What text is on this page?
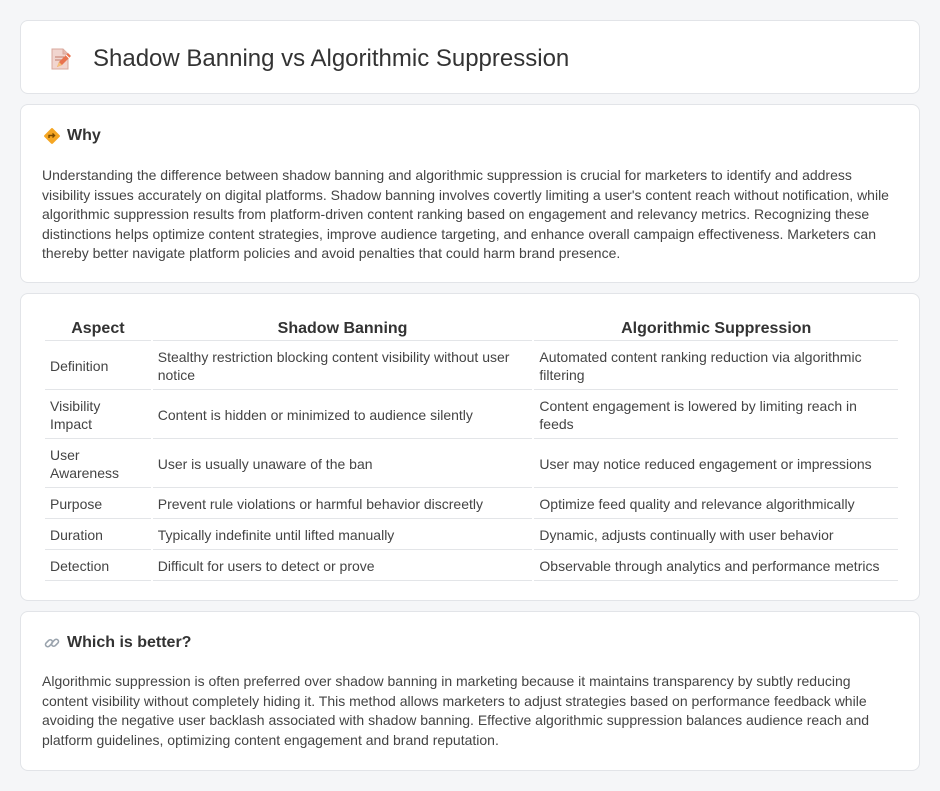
Shadow Banning vs Algorithmic Suppression
Why

Understanding the difference between shadow banning and algorithmic suppression is crucial for marketers to identify and address visibility issues accurately on digital platforms. Shadow banning involves covertly limiting a user's content reach without notification, while algorithmic suppression results from platform-driven content ranking based on engagement and relevancy metrics. Recognizing these distinctions helps optimize content strategies, improve audience targeting, and enhance overall campaign effectiveness. Marketers can thereby better navigate platform policies and avoid penalties that could harm brand presence.

Aspect	Shadow Banning	Algorithmic Suppression
Definition	Stealthy restriction blocking content visibility without user notice	Automated content ranking reduction via algorithmic filtering
Visibility Impact	Content is hidden or minimized to audience silently	Content engagement is lowered by limiting reach in feeds
User Awareness	User is usually unaware of the ban	User may notice reduced engagement or impressions
Purpose	Prevent rule violations or harmful behavior discreetly	Optimize feed quality and relevance algorithmically
Duration	Typically indefinite until lifted manually	Dynamic, adjusts continually with user behavior
Detection	Difficult for users to detect or prove	Observable through analytics and performance metrics
Which is better?

Algorithmic suppression is often preferred over shadow banning in marketing because it maintains transparency by subtly reducing content visibility without completely hiding it. This method allows marketers to adjust strategies based on performance feedback while avoiding the negative user backlash associated with shadow banning. Effective algorithmic suppression balances audience reach and platform guidelines, optimizing content engagement and brand reputation.
